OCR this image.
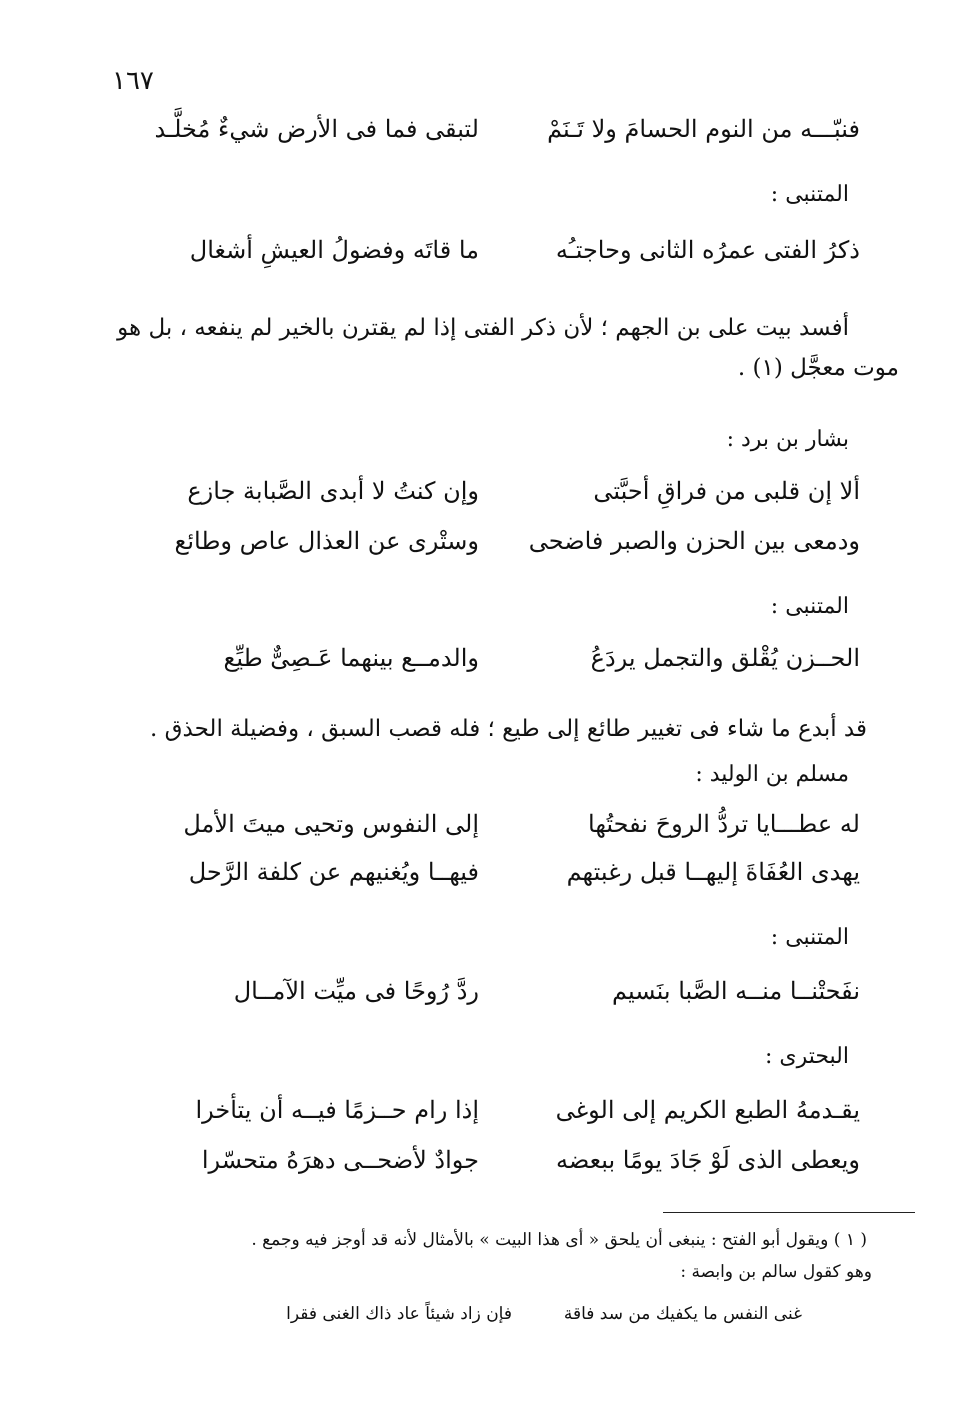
١٦٧
فنبّـــه من النوم الحسامَ ولا تَـنَمْ
لتبقى فما فى الأرض شيءٌ مُخلَّـد
المتنبى :
ذكرُ الفتى عمرُه الثانى وحاجتـُه
ما قاتَه وفضولُ العيشِ أشغال
أفسد بيت على بن الجهم ؛ لأن ذكر الفتى إذا لم يقترن بالخير لم ينفعه ، بل هو
موت معجَّل (١) .
بشار بن برد :
ألا إن قلبى من فراقِ أحبَّتى
وإن كنتُ لا أبدى الصَّبابة جازع
ودمعى بين الحزن والصبر فاضحى
وستْرى عن العذال عاص وطائع
المتنبى :
الحــزن يُقْلق والتجمل يردَعُ
والدمــع بينهما عَـصِىٌّ طيِّع
قد أبدع ما شاء فى تغيير طائع إلى طيع ؛ فله قصب السبق ، وفضيلة الحذق .
مسلم بن الوليد :
له عطـــايا تردُّ الروحَ نفحتُها
إلى النفوس وتحيى ميتَ الأمل
يهدى العُفَاةَ إليهــا قبل رغبتهم
فيهــا ويُغنيهم عن كلفة الرَّحل
المتنبى :
نفَحتْنــا منــه الصَّبا بنَسيم
ردَّ رُوحًا فى ميِّت الآمــال
البحترى :
يقـدمهُ الطبع الكريم إلى الوغى
إذا رام حــزمًا فيــه أن يتأخرا
ويعطى الذى لَوْ جَادَ يومًا ببعضه
جوادٌ لأضحــى دهرَهُ متحسّرا
( ١ ) ويقول أبو الفتح : ينبغى أن يلحق « أى هذا البيت » بالأمثال لأنه قد أوجز فيه وجمع .
وهو كقول سالم بن وابصة :
غنى النفس ما يكفيك من سد فاقة
فإن زاد شيئاً عاد ذاك الغنى فقرا
